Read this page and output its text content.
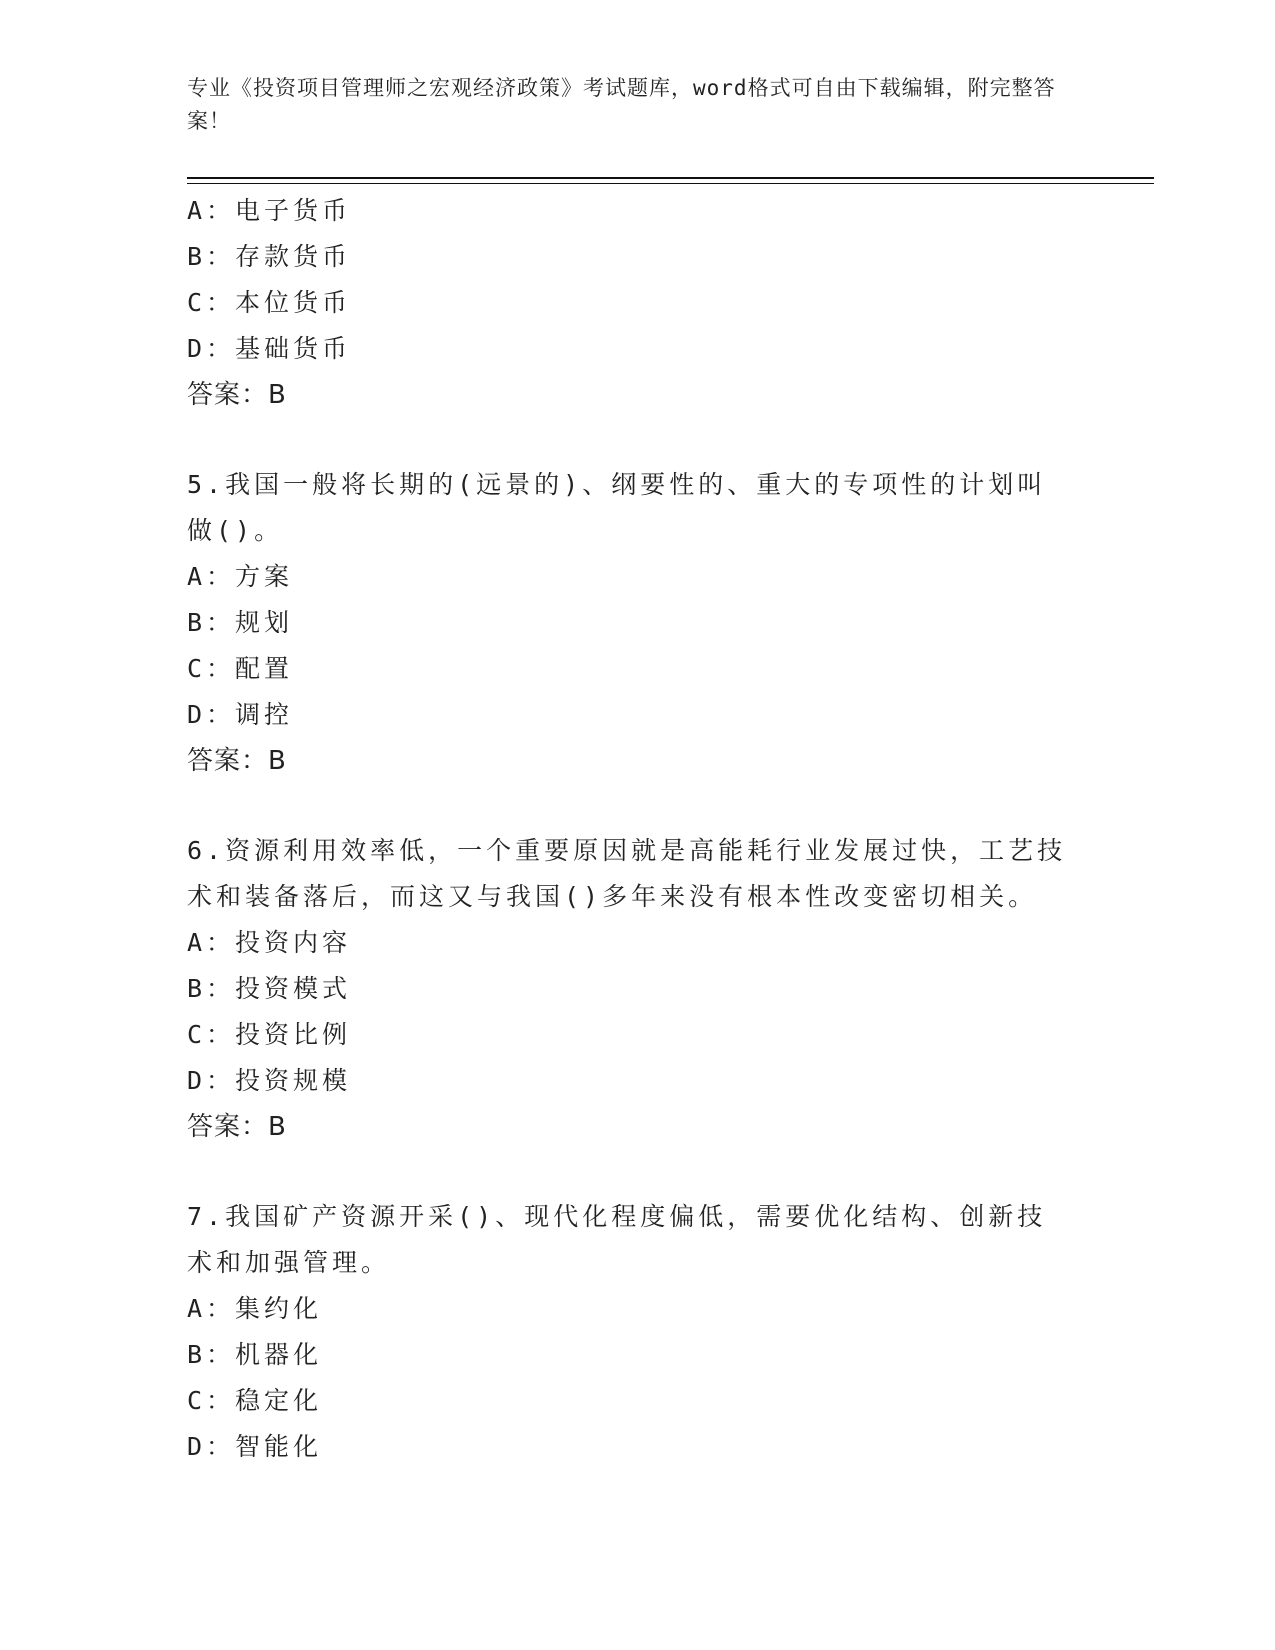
专业《投资项目管理师之宏观经济政策》考试题库，word格式可自由下载编辑，附完整答案！
A：电子货币
B：存款货币
C：本位货币
D：基础货币
答案：B
5.我国一般将长期的(远景的)、纲要性的、重大的专项性的计划叫做()。
A：方案
B：规划
C：配置
D：调控
答案：B
6.资源利用效率低，一个重要原因就是高能耗行业发展过快，工艺技术和装备落后，而这又与我国()多年来没有根本性改变密切相关。
A：投资内容
B：投资模式
C：投资比例
D：投资规模
答案：B
7.我国矿产资源开采()、现代化程度偏低，需要优化结构、创新技术和加强管理。
A：集约化
B：机器化
C：稳定化
D：智能化
